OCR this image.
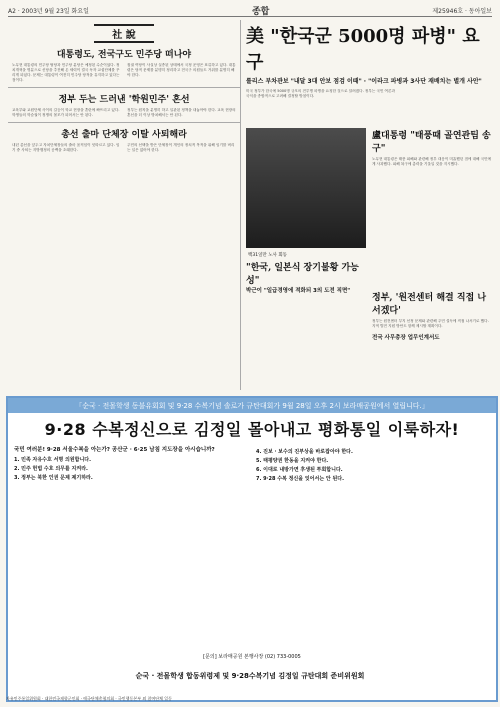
A2 · 2003년 9월 23일 화요일	종합	제25946호 · 동아일보
社 說
대통령도, 전국구도 민주당 떠나야
노무현 대통령의 민주당 탈당과 민주당 분당은 예정된 수순이었다. 정치개혁을 명분으로 신당을 추진해 온 세력이 결국 독자 교섭단체를 꾸리게 되었다. 문제는 대통령이 여전히 민주당 당적을 유지하고 있다는 점이다.
집권 여당이 사실상 실종된 상태에서 국정 운영은 표류하고 있다. 대통령은 당적 문제를 분명히 정리하고 전국구 의원들도 거취를 분명히 해야 한다.
정부 두는 드러낸 '학원민주' 혼선
교육부와 교원단체 사이의 갈등이 학교 현장을 혼란에 빠뜨리고 있다. 학생들의 학습권이 정쟁의 볼모가 되어서는 안 된다.
정부는 원칙을 분명히 하고 일관된 정책을 내놓아야 한다. 교육 현장의 혼선을 더 이상 방치해서는 안 된다.
총선 출마 단체장 이탈 사퇴해라
내년 총선을 앞두고 자치단체장들의 출마 움직임이 잇따르고 있다. 임기 중 사퇴는 지방행정의 공백을 초래한다.
주민의 선택을 받은 단체장이 개인의 정치적 목적을 위해 임기를 버리는 일은 없어야 한다.
美 "한국군 5000명 파병" 요구
롤리스 부차관보 "내달 3대 안보 점검 이때" · "이라크 파병과 3사단 재배치는 별개 사안"
미국 정부가 한국에 5000명 규모의 전투병 파병을 요청한 것으로 알려졌다. 정부는 국민 여론과 국익을 종합적으로 고려해 결정할 방침이다.
백31일만 노사 회동
盧대통령 "태풍때 골연관팀 송구"
노무현 대통령은 태풍 피해와 관련해 정부 대응이 미흡했던 점에 대해 국민에게 사과했다. 피해 복구에 총력을 기울일 것을 지시했다.
"한국, 일본식 장기불황 가능성"
박근이 "일급경영에 적화되 3의 도전 직면"
정부, '원전센터 해결 직접 나서겠다'
정부는 원전센터 부지 선정 문제와 관련해 주민 설득에 직접 나서기로 했다. 지역 발전 지원 방안도 함께 제시할 계획이다.
전국 사무총장 업무인계서도
「순국 · 전몰학생 동불유회회 및 9·28 수복기념 솔로가 규탄대회가 9월 28일 오후 2시 보라매공원에서 열립니다.」
9·28 수복정신으로 김정일 몰아내고 평화통일 이룩하자!
국민 여러분! 9·28 서울수복을 아는가? 공산군 · 6·25 남침 지도장을 아시습니까?
1. 민족 자유수호 서명 의원합니다.
2. 민주 헌법 수호 의무를 지켜라.
3. 정부는 북한 인권 문제 제기하라.
4. 진보 · 보수의 진부상을 바로잡아야 한다.
5. 태평양권 한동을 지켜야 한다.
6. 이대로 내방가면 후생된 투회합니다.
7. 9·28 수복 정신을 잊어서는 안 된다.
[문의] 보라매공원 본행사장 (02) 733-0005
순국 · 전몰학생 합동위령제 및 9·28수복기념 김정일 규탄대회 준비위원회
자유민주통일위원회 · 대한민국재향군인회 · 애국단체총협의회 · 국민행동본부 외 참여단체 일동
